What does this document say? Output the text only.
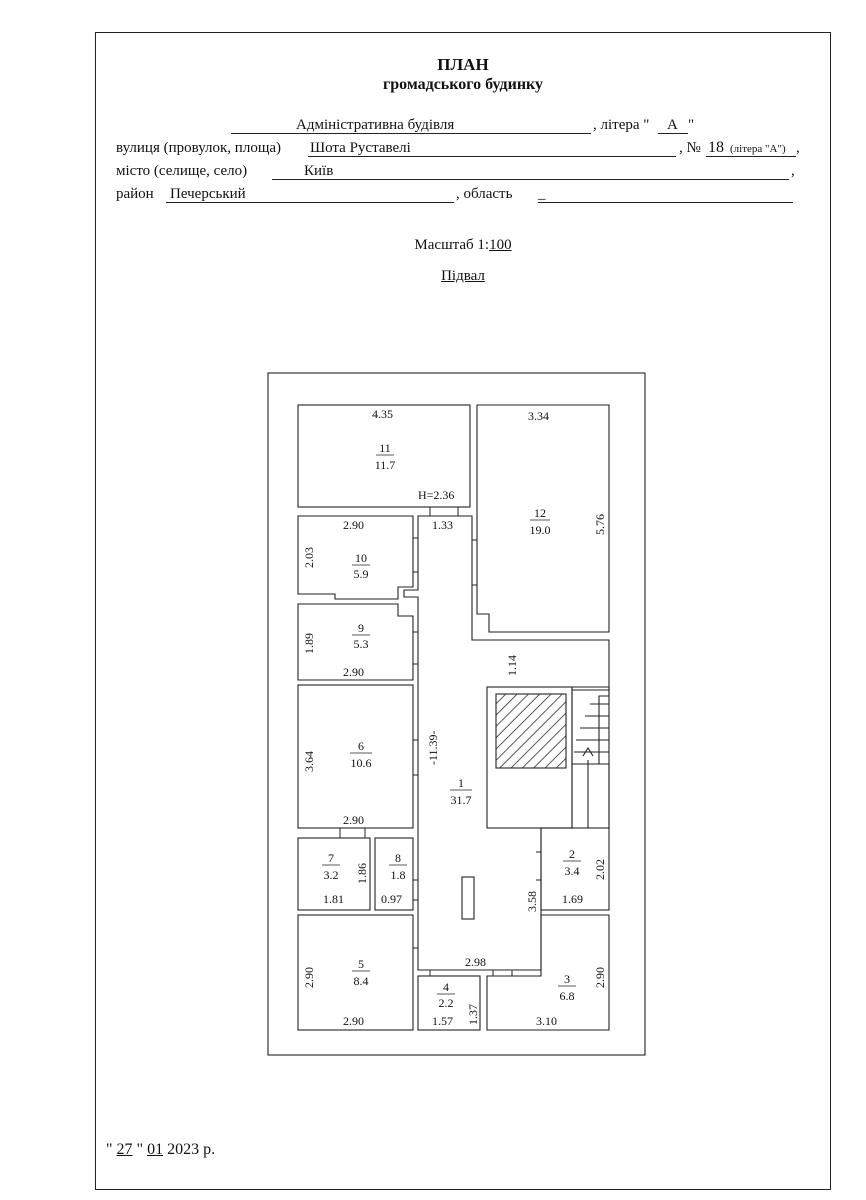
ПЛАН
громадського будинку
Адміністративна будівля	, літера " А "
вулиця (провулок, площа) Шота Руставелі	, № 18 (літера "А") ,
місто (селище, село)	Київ	,
район Печерський	, область _
Масштаб 1:100
Підвал
" 27 " 01 2023 р.
11
11.7
12
19.0
10
5.9
9
5.3
6
10.6
1
31.7
7
3.2
8
1.8
2
3.4
5
8.4	4
2.2
3
6.8
4.35
H=2.36
3.34
5.76
2.90	1.33
2.03
1.89
2.90	1.14
3.64	-11.39-
2.90
1.86
1.81	0.97
2.02
1.69
3.58
2.98
2.90
2.90	1.37
1.57
2.90
3.10
